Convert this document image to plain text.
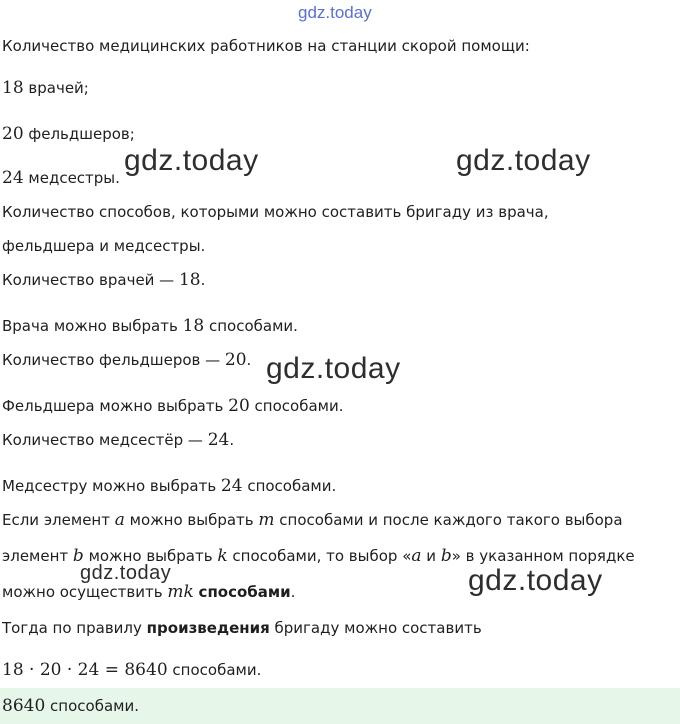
gdz.today
gdz.today	gdz.today
gdz.today
gdz.today	gdz.today
Количество медицинских работников на станции скорой помощи:
18 врачей;
20 фельдшеров;
24 медсестры.
Количество способов, которыми можно составить бригаду из врача,
фельдшера и медсестры.
Количество врачей — 18.
Врача можно выбрать 18 способами.
Количество фельдшеров — 20.
Фельдшера можно выбрать 20 способами.
Количество медсестёр — 24.
Медсестру можно выбрать 24 способами.
Если элемент a можно выбрать m способами и после каждого такого выбора
элемент b можно выбрать k способами, то выбор «a и b» в указанном порядке
можно осуществить mk способами.
Тогда по правилу произведения бригаду можно составить
18 · 20 · 24 = 8640 способами.
8640 способами.
